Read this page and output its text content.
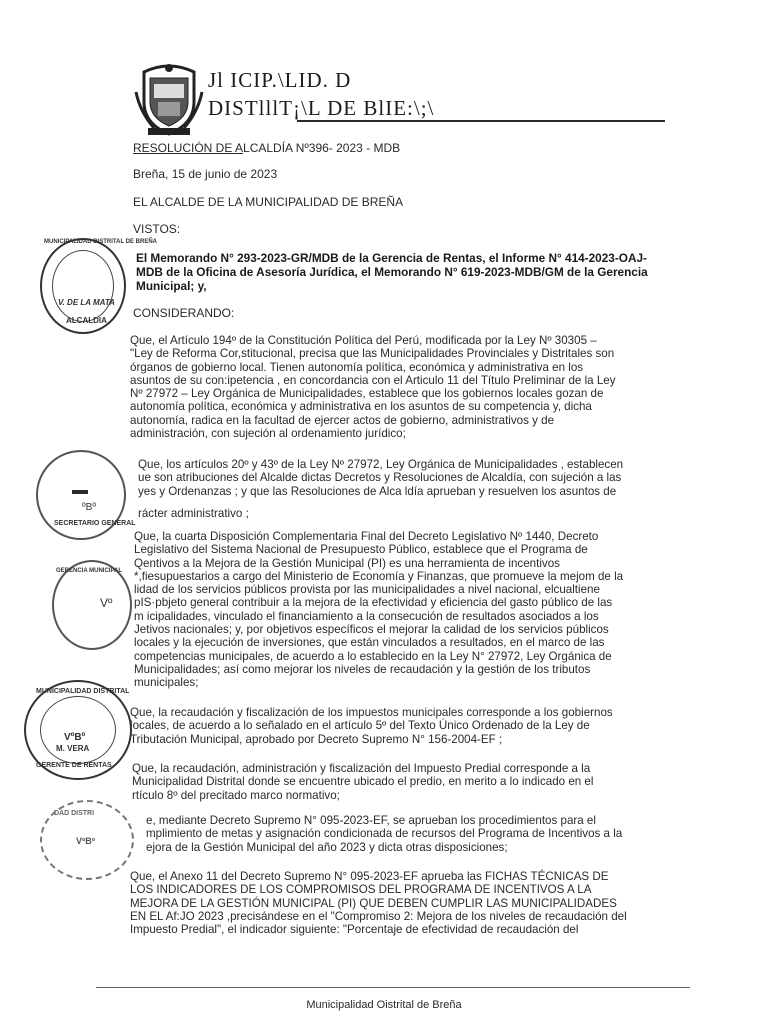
Jl ICIP.\LID. D
DISTlllT¡\L DE BlIE:\;\
RESOLUCIÓN DE ALCALDÍA Nº396- 2023 - MDB
Breña, 15 de junio de 2023
EL ALCALDE DE LA MUNICIPALIDAD DE BREÑA
VISTOS:
El Memorando N° 293-2023-GR/MDB de la Gerencia de Rentas, el Informe N° 414-2023-OAJ-
MDB de la Oficina de Asesoría Jurídica, el Memorando N° 619-2023-MDB/GM de la Gerencia
Municipal; y,
CONSIDERANDO:
Que, el Artículo 194º de la Constitución Política del Perú, modificada por la Ley Nº 30305 –
"Ley de Reforma Cor,stitucional, precisa que las Municipalidades Provinciales y Distritales son
órganos de gobierno local. Tienen autonomía política, económica y administrativa en los
asuntos de su con:ipetencia , en concordancia con el Articulo 11 del Título Preliminar de la Ley
Nº 27972 – Ley Orgánica de Municipalidades, establece que los gobiernos locales gozan de
autonomía política, económica y administrativa en los asuntos de su competencia y, dicha
autonomía, radica en la facultad de ejercer actos de gobierno, administrativos y de
administración, con sujeción al ordenamiento jurídico;
Que, los artículos 20º y 43º de la Ley Nº 27972, Ley Orgánica de Municipalidades , establecen
ue son atribuciones del Alcalde dictas Decretos y Resoluciones de Alcaldía, con sujeción a las
yes y Ordenanzas ; y que las Resoluciones de Alca ldía aprueban y resuelven los asuntos de
rácter administrativo ;
Que, la cuarta Disposición Complementaria Final del Decreto Legislativo Nº 1440, Decreto
Legislativo del Sistema Nacional de Presupuesto Público, establece que el Programa de
Qentivos a la Mejora de la Gestión Municipal (PI) es una herramienta de incentivos
*,fiesupuestarios a cargo del Ministerio de Economía y Finanzas, que promueve la mejom de la
lidad de los servicios públicos provista por las municipalidades a nivel nacional, elcualtiene
pIS·pbjeto general contribuir a la mejora de la efectividad y eficiencia del gasto público de las
m icipalidades, vinculado el financiamiento a la consecución de resultados asociados a los
Jetivos nacionales; y, por objetivos específicos el mejorar la calidad de los servicios públicos
locales y la ejecución de inversiones, que están vinculados a resultados, en el marco de las
competencias municipales, de acuerdo a lo establecido en la Ley N° 27972, Ley Orgánica de
Municipalidades; así como mejorar los niveles de recaudación y la gestión de los tributos
municipales;
Que, la recaudación y fiscalización de los impuestos municipales corresponde a los gobiernos
locales, de acuerdo a lo señalado en el artículo 5º del Texto Único Ordenado de la Ley de
Tributación Municipal, aprobado por Decreto Supremo N° 156-2004-EF ;
Que, la recaudación, administración y fiscalización del Impuesto Predial corresponde a la
Municipalidad Distrital donde se encuentre ubicado el predio, en merito a lo indicado en el
rtículo 8º del precitado marco normativo;
e, mediante Decreto Supremo N° 095-2023-EF, se aprueban los procedimientos para el
mplimiento de metas y asignación condicionada de recursos del Programa de Incentivos a la
ejora de la Gestión Municipal del año 2023 y dicta otras disposiciones;
Que, el Anexo 11 del Decreto Supremo N° 095-2023-EF aprueba las FICHAS TÉCNICAS DE
LOS INDICADORES DE LOS COMPROMISOS DEL PROGRAMA DE INCENTIVOS A LA
MEJORA DE LA GESTIÓN MUNICIPAL (PI) QUE DEBEN CUMPLIR LAS MUNICIPALIDADES
EN EL Af:JO 2023 ,precisándese en el "Compromiso 2: Mejora de los niveles de recaudación del
Impuesto Predial", el indicador siguiente: "Porcentaje de efectividad de recaudación del
Municipalidad Oistrital de Breña
MUNICIPALIDAD DISTRITAL DE BREÑA
ALCALDIA
V. DE LA MATA
SECRETARIO GENERAL
ºBº
GERENCIA MUNICIPAL
Vº
MUNICIPALIDAD DISTRITAL
GERENTE DE RENTAS
VºBº
M. VERA
DAD DISTRI
VºBº
